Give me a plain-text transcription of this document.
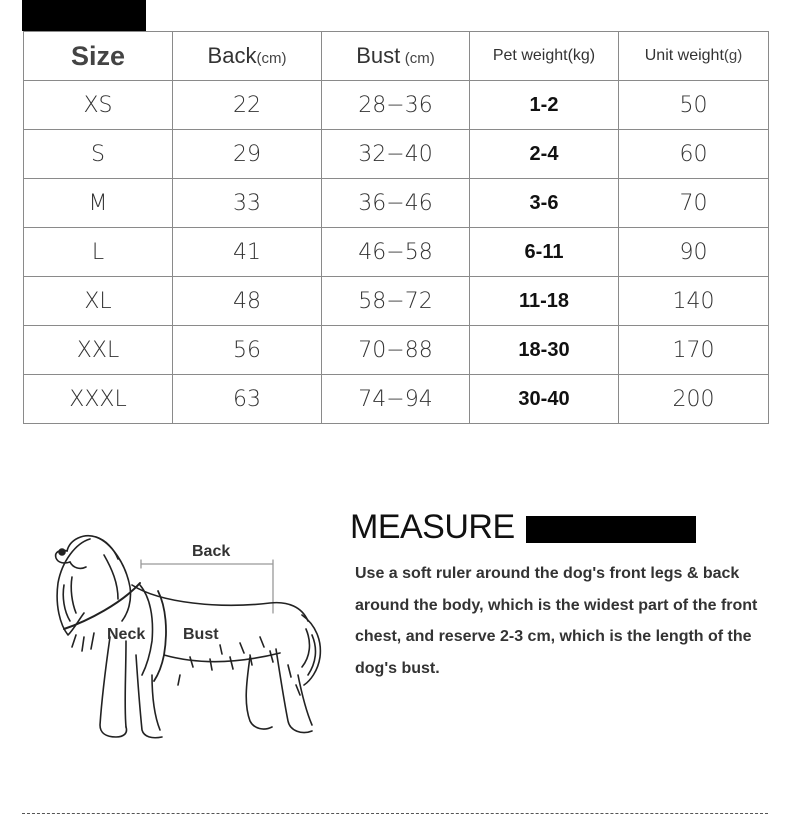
Size	Back(cm)	Bust (cm)	Pet weight(kg)	Unit weight(g)
XS	22	28−36	1-2	50
S	29	32−40	2-4	60
M	33	36−46	3-6	70
L	41	46−58	6-11	90
XL	48	58−72	11-18	140
XXL	56	70−88	18-30	170
XXXL	63	74−94	30-40	200
Back
Neck Bust
MEASURE

Use a soft ruler around the dog's front legs & back around the body, which is the widest part of the front chest, and reserve 2-3 cm, which is the length of the dog's bust.
